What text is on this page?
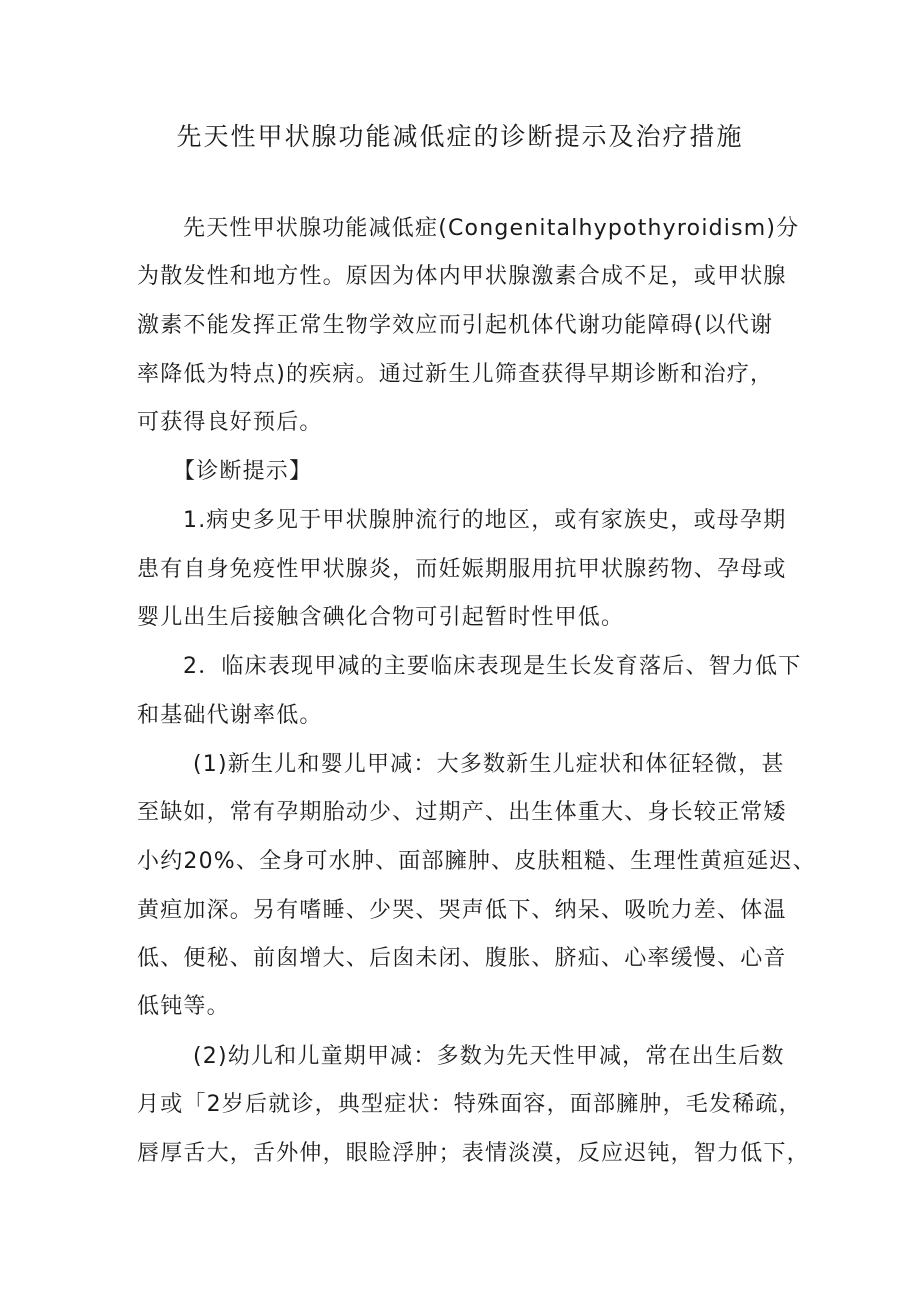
先天性甲状腺功能减低症的诊断提示及治疗措施
先天性甲状腺功能减低症(Congenitalhypothyroidism)分
为散发性和地方性。原因为体内甲状腺激素合成不足，或甲状腺
激素不能发挥正常生物学效应而引起机体代谢功能障碍(以代谢
率降低为特点)的疾病。通过新生儿筛查获得早期诊断和治疗，
可获得良好预后。
【诊断提示】
1.病史多见于甲状腺肿流行的地区，或有家族史，或母孕期
患有自身免疫性甲状腺炎，而妊娠期服用抗甲状腺药物、孕母或
婴儿出生后接触含碘化合物可引起暂时性甲低。
2．临床表现甲减的主要临床表现是生长发育落后、智力低下
和基础代谢率低。
(1)新生儿和婴儿甲减：大多数新生儿症状和体征轻微，甚
至缺如，常有孕期胎动少、过期产、出生体重大、身长较正常矮
小约20%、全身可水肿、面部臃肿、皮肤粗糙、生理性黄疸延迟、
黄疸加深。另有嗜睡、少哭、哭声低下、纳呆、吸吮力差、体温
低、便秘、前囱增大、后囱未闭、腹胀、脐疝、心率缓慢、心音
低钝等。
(2)幼儿和儿童期甲减：多数为先天性甲减，常在出生后数
月或「2岁后就诊，典型症状：特殊面容，面部臃肿，毛发稀疏，
唇厚舌大，舌外伸，眼睑浮肿；表情淡漠，反应迟钝，智力低下，
